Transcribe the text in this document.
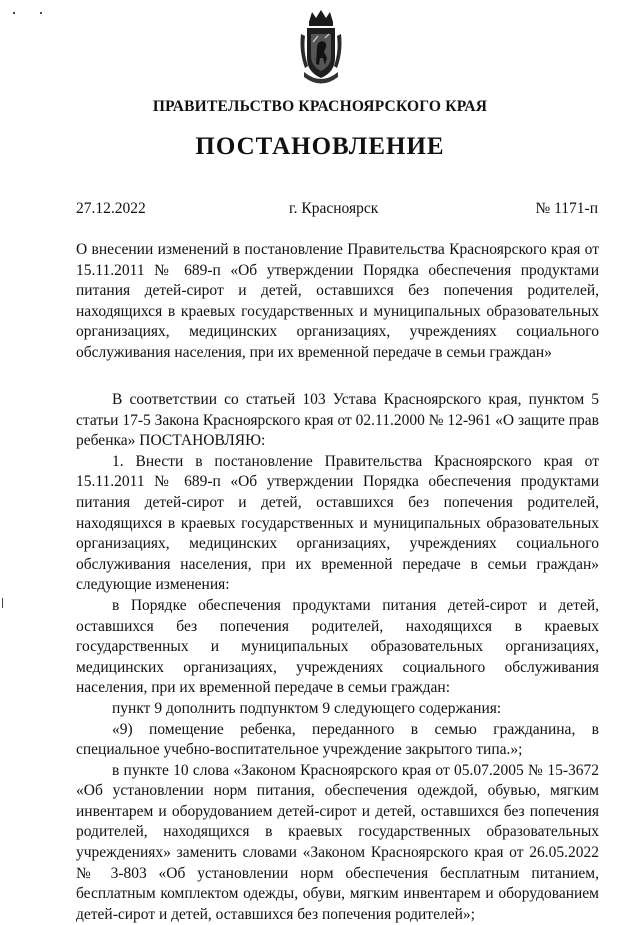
ПРАВИТЕЛЬСТВО КРАСНОЯРСКОГО КРАЯ
ПОСТАНОВЛЕНИЕ
27.12.2022	г. Красноярск	№ 1171-п
О внесении изменений в постановление Правительства Красноярского края от 15.11.2011 № 689-п «Об утверждении Порядка обеспечения продуктами питания детей-сирот и детей, оставшихся без попечения родителей, находящихся в краевых государственных и муниципальных образовательных организациях, медицинских организациях, учреждениях социального обслуживания населения, при их временной передаче в семьи граждан»

В соответствии со статьей 103 Устава Красноярского края, пунктом 5 статьи 17-5 Закона Красноярского края от 02.11.2000 № 12-961 «О защите прав ребенка» ПОСТАНОВЛЯЮ:

1. Внести в постановление Правительства Красноярского края от 15.11.2011 № 689-п «Об утверждении Порядка обеспечения продуктами питания детей-сирот и детей, оставшихся без попечения родителей, находящихся в краевых государственных и муниципальных образовательных организациях, медицинских организациях, учреждениях социального обслуживания населения, при их временной передаче в семьи граждан» следующие изменения:

в Порядке обеспечения продуктами питания детей-сирот и детей, оставшихся без попечения родителей, находящихся в краевых государственных и муниципальных образовательных организациях, медицинских организациях, учреждениях социального обслуживания населения, при их временной передаче в семьи граждан:

пункт 9 дополнить подпунктом 9 следующего содержания:

«9) помещение ребенка, переданного в семью гражданина, в специальное учебно-воспитательное учреждение закрытого типа.»;

в пункте 10 слова «Законом Красноярского края от 05.07.2005 № 15-3672 «Об установлении норм питания, обеспечения одеждой, обувью, мягким инвентарем и оборудованием детей-сирот и детей, оставшихся без попечения родителей, находящихся в краевых государственных образовательных учреждениях» заменить словами «Законом Красноярского края от 26.05.2022 № 3-803 «Об установлении норм обеспечения бесплатным питанием, бесплатным комплектом одежды, обуви, мягким инвентарем и оборудованием детей-сирот и детей, оставшихся без попечения родителей»;
